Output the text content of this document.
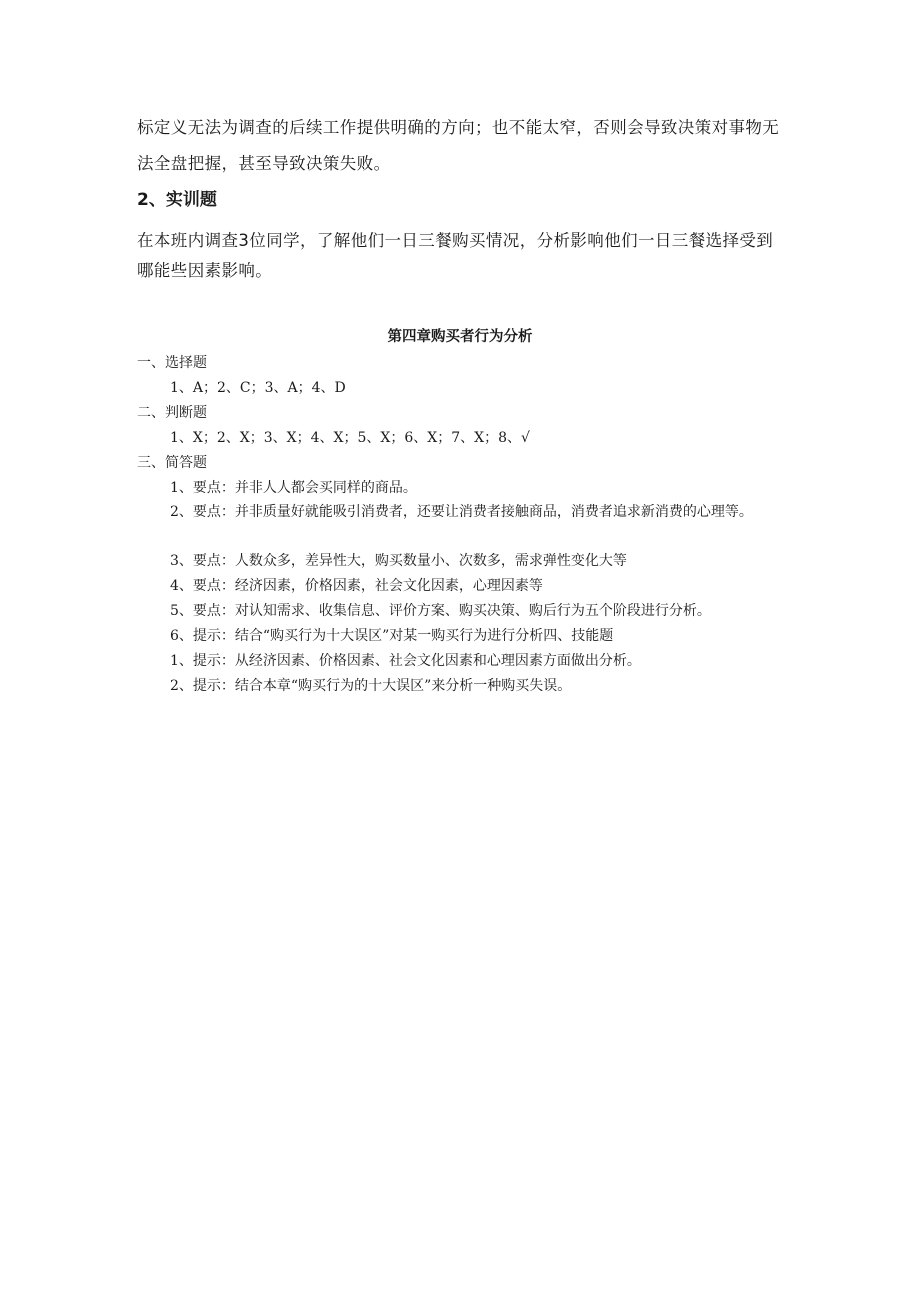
标定义无法为调查的后续工作提供明确的方向；也不能太窄，否则会导致决策对事物无法全盘把握，甚至导致决策失败。

2、实训题

在本班内调查3位同学，了解他们一日三餐购买情况，分析影响他们一日三餐选择受到哪能些因素影响。

第四章购买者行为分析

一、选择题

1、A；2、C；3、A；4、D

二、判断题

1、X；2、X；3、X；4、X；5、X；6、X；7、X；8、√

三、简答题

1、要点：并非人人都会买同样的商品。

2、要点：并非质量好就能吸引消费者，还要让消费者接触商品，消费者追求新消费的心理等。

3、要点：人数众多，差异性大，购买数量小、次数多，需求弹性变化大等

4、要点：经济因素，价格因素，社会文化因素，心理因素等

5、要点：对认知需求、收集信息、评价方案、购买决策、购后行为五个阶段进行分析。

6、提示：结合“购买行为十大误区”对某一购买行为进行分析四、技能题

1、提示：从经济因素、价格因素、社会文化因素和心理因素方面做出分析。

2、提示：结合本章“购买行为的十大误区”来分析一种购买失误。
